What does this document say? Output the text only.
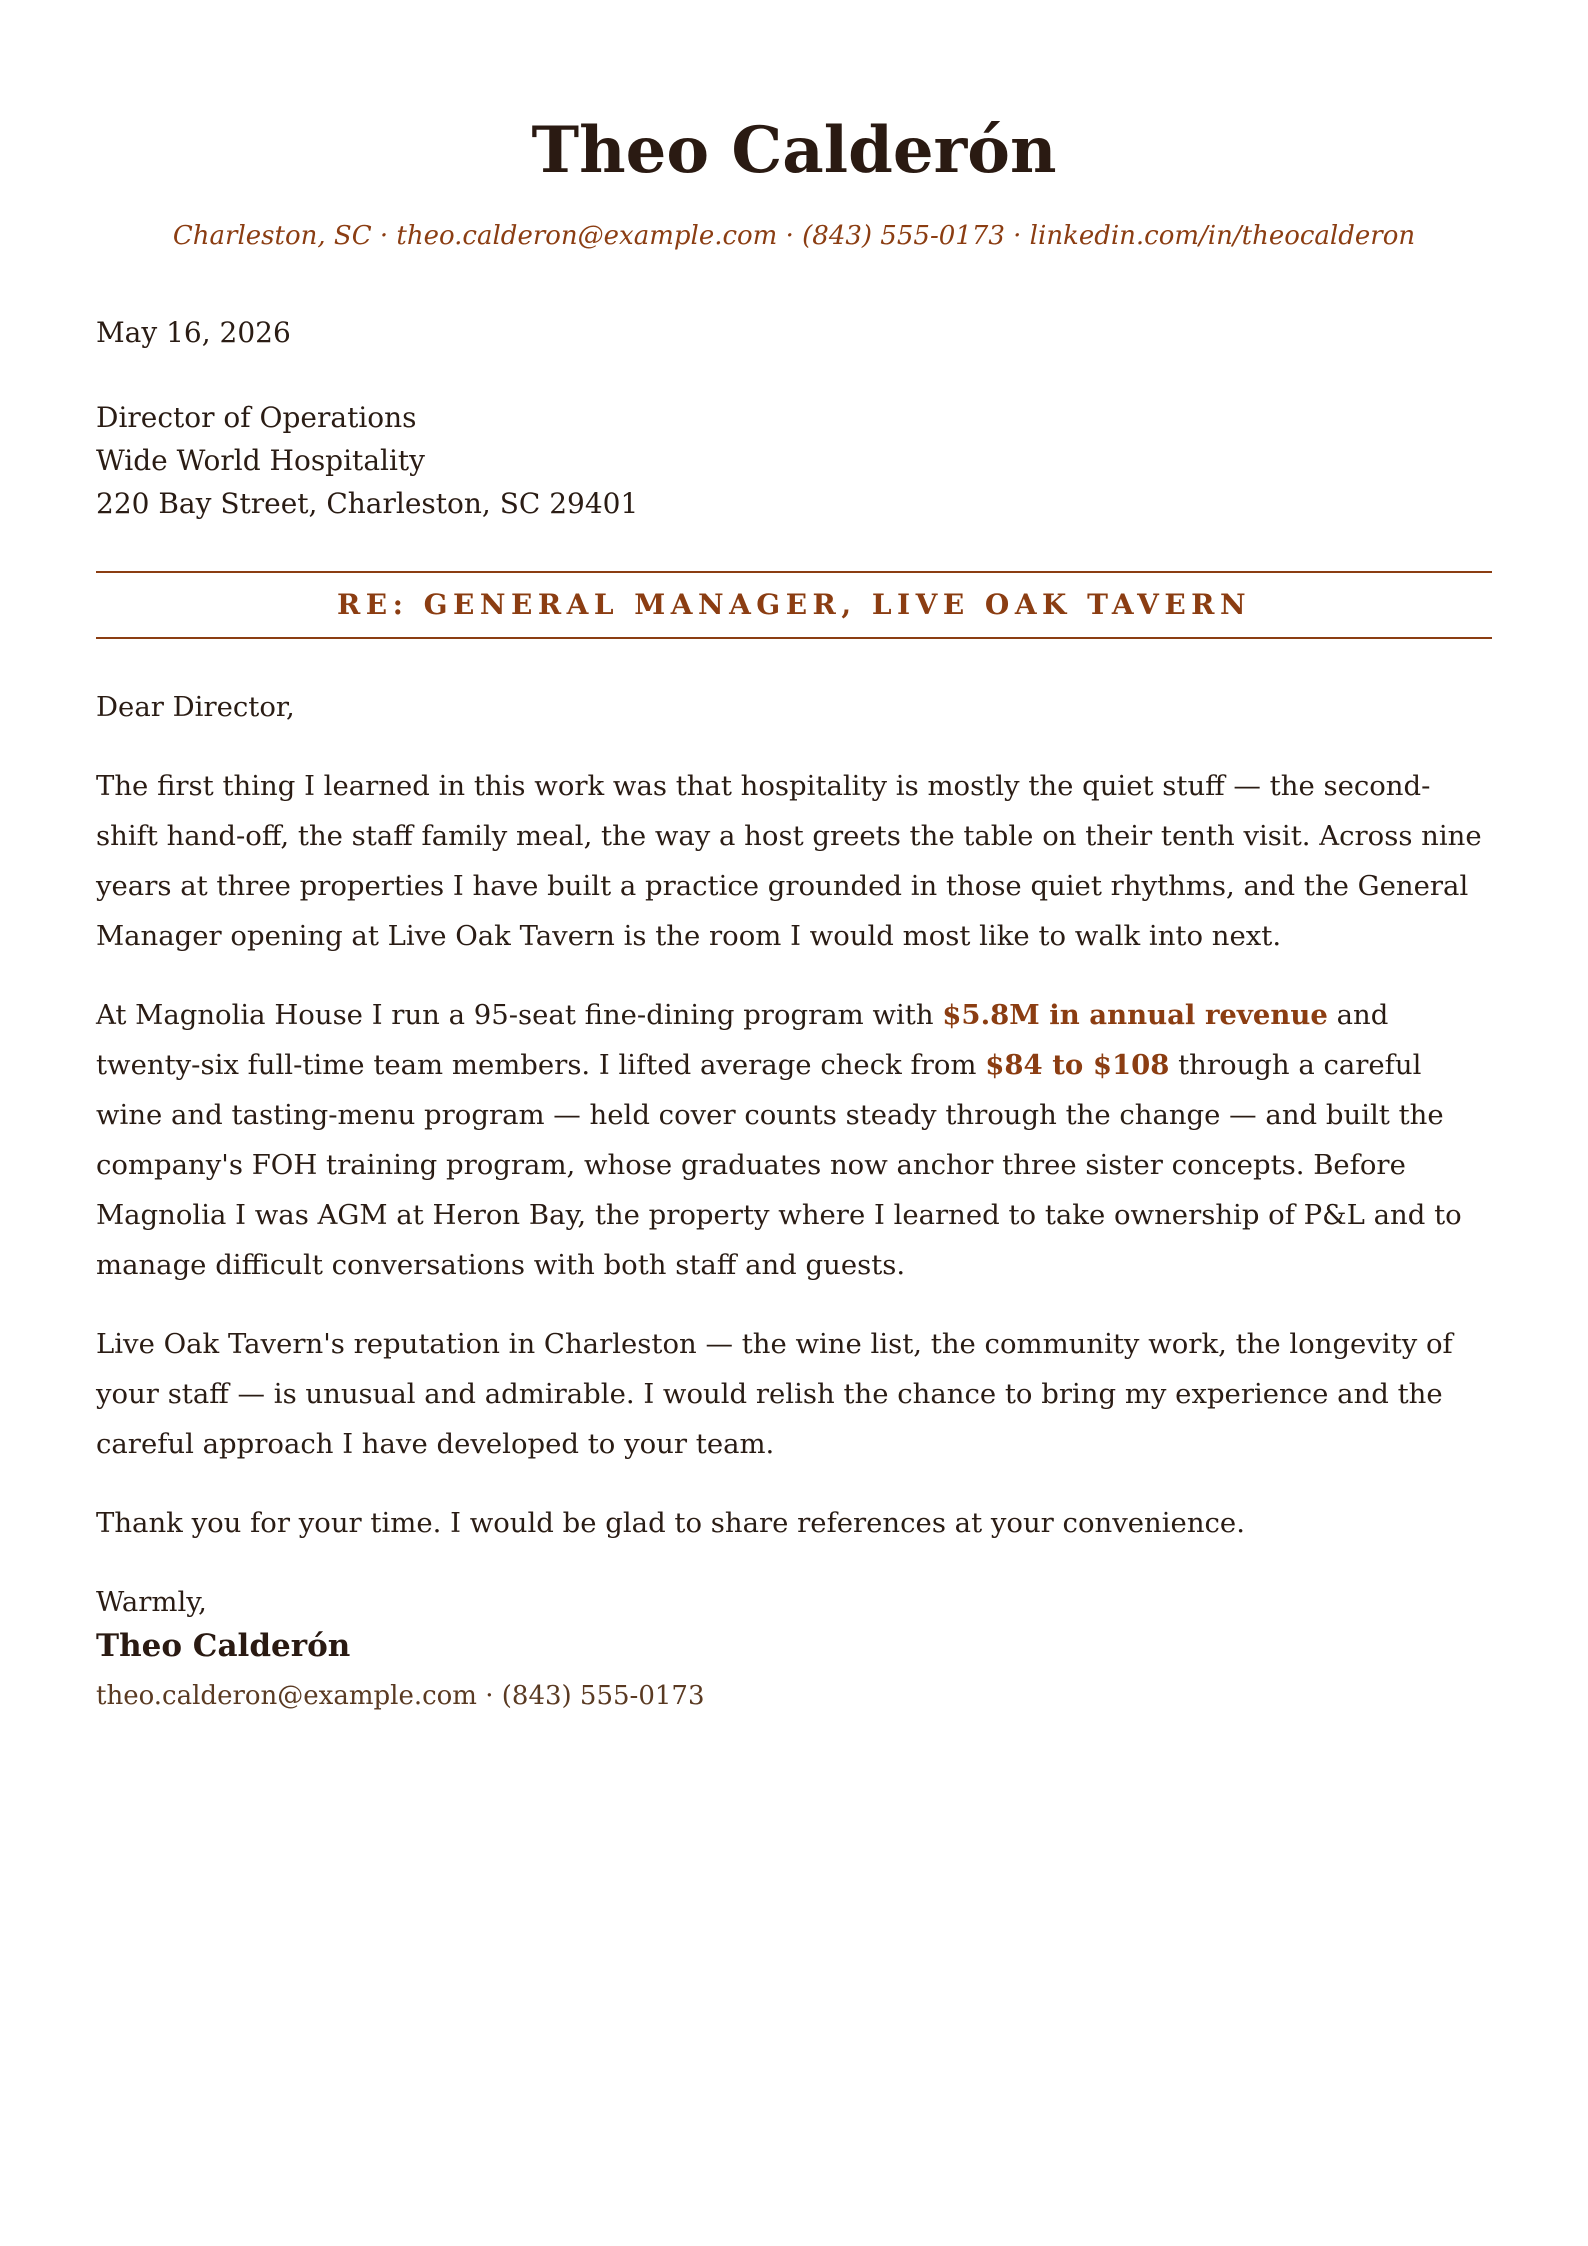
Theo Calderón
Charleston, SC · theo.calderon@example.com · (843) 555-0173 · linkedin.com/in/theocalderon
May 16, 2026
Director of Operations
Wide World Hospitality
220 Bay Street, Charleston, SC 29401
RE: GENERAL MANAGER, LIVE OAK TAVERN

Dear Director,

The first thing I learned in this work was that hospitality is mostly the quiet stuff — the second-shift hand-off, the staff family meal, the way a host greets the table on their tenth visit. Across nine years at three properties I have built a practice grounded in those quiet rhythms, and the General Manager opening at Live Oak Tavern is the room I would most like to walk into next.

At Magnolia House I run a 95-seat fine-dining program with $5.8M in annual revenue and twenty-six full-time team members. I lifted average check from $84 to $108 through a careful wine and tasting-menu program — held cover counts steady through the change — and built the company's FOH training program, whose graduates now anchor three sister concepts. Before Magnolia I was AGM at Heron Bay, the property where I learned to take ownership of P&L and to manage difficult conversations with both staff and guests.

Live Oak Tavern's reputation in Charleston — the wine list, the community work, the longevity of your staff — is unusual and admirable. I would relish the chance to bring my experience and the careful approach I have developed to your team.

Thank you for your time. I would be glad to share references at your convenience.

Warmly,

Theo Calderón
theo.calderon@example.com · (843) 555-0173
